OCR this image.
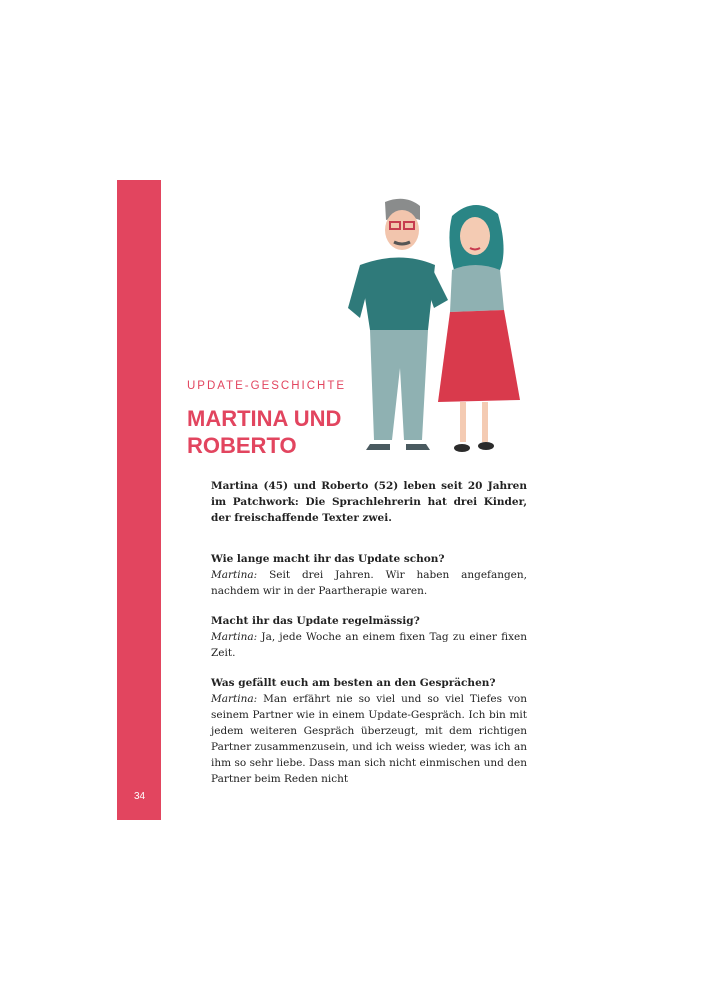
34
UPDATE-GESCHICHTE
MARTINA UND
ROBERTO

Martina (45) und Roberto (52) leben seit 20 Jahren im Patchwork: Die Sprachlehrerin hat drei Kinder, der freischaffende Texter zwei.

Wie lange macht ihr das Update schon?

Martina: Seit drei Jahren. Wir haben angefangen, nachdem wir in der Paartherapie waren.

Macht ihr das Update regelmässig?

Martina: Ja, jede Woche an einem fixen Tag zu einer fixen Zeit.

Was gefällt euch am besten an den Gesprächen?

Martina: Man erfährt nie so viel und so viel Tiefes von seinem Partner wie in einem Update-Gespräch. Ich bin mit jedem weiteren Gespräch überzeugt, mit dem richtigen Partner zusammenzusein, und ich weiss wieder, was ich an ihm so sehr liebe. Dass man sich nicht einmischen und den Partner beim Reden nicht
